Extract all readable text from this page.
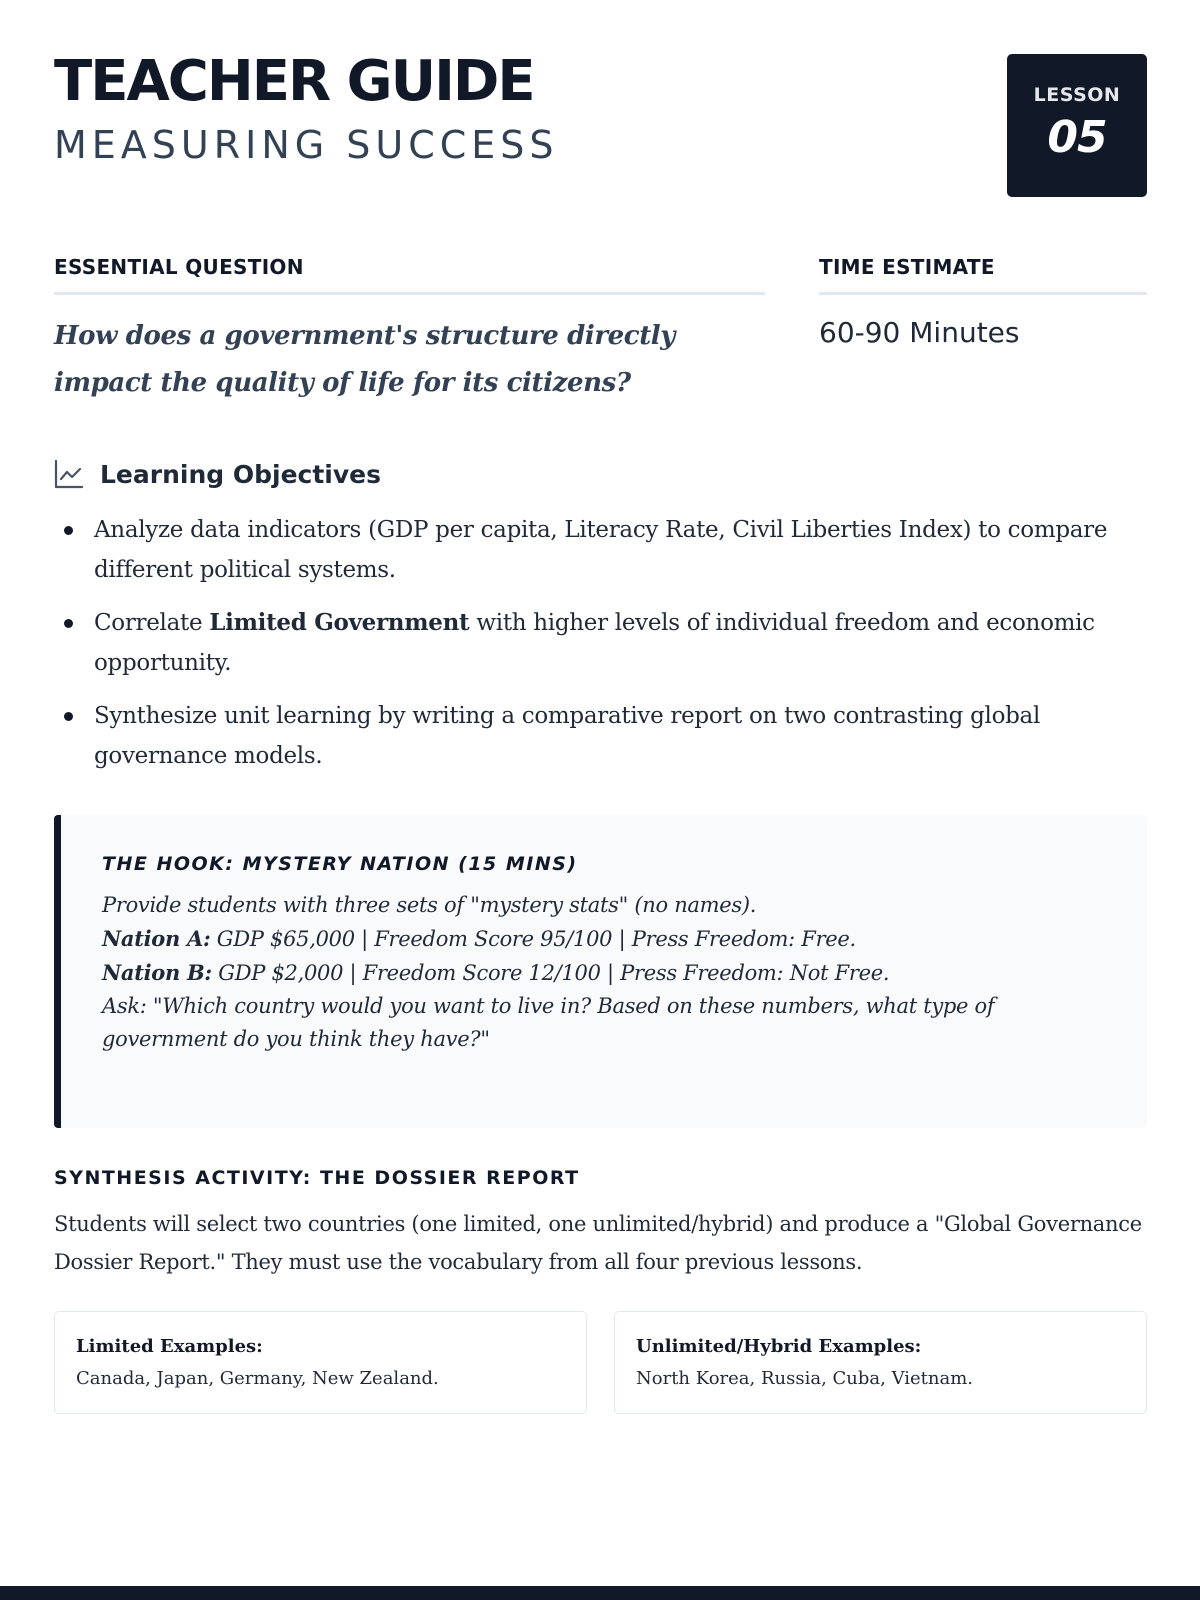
TEACHER GUIDE
MEASURING SUCCESS
LESSON
05
ESSENTIAL QUESTION
How does a government's structure directly impact the quality of life for its citizens?
TIME ESTIMATE
60-90 Minutes
Learning Objectives
Analyze data indicators (GDP per capita, Literacy Rate, Civil Liberties Index) to compare different political systems.
Correlate Limited Government with higher levels of individual freedom and economic opportunity.
Synthesize unit learning by writing a comparative report on two contrasting global governance models.
THE HOOK: MYSTERY NATION (15 MINS)
Provide students with three sets of "mystery stats" (no names).
Nation A: GDP $65,000 | Freedom Score 95/100 | Press Freedom: Free.
Nation B: GDP $2,000 | Freedom Score 12/100 | Press Freedom: Not Free.
Ask: "Which country would you want to live in? Based on these numbers, what type of government do you think they have?"
SYNTHESIS ACTIVITY: THE DOSSIER REPORT
Students will select two countries (one limited, one unlimited/hybrid) and produce a "Global Governance Dossier Report." They must use the vocabulary from all four previous lessons.
Limited Examples:
Canada, Japan, Germany, New Zealand.
Unlimited/Hybrid Examples:
North Korea, Russia, Cuba, Vietnam.
